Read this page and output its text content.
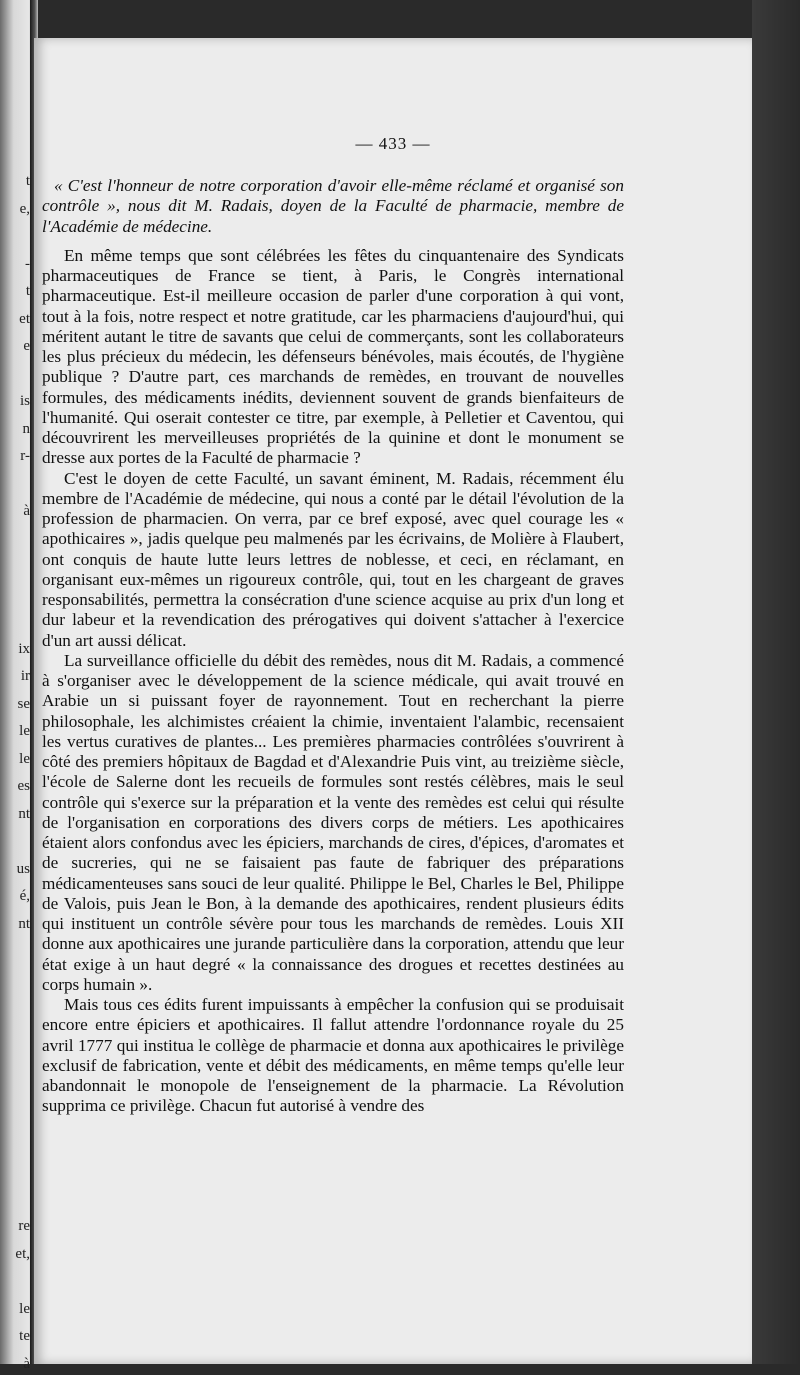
t
e,
-
t
et
e
is
n
r-
à
ix
ir
se
le
le
es
nt
us
é,
nt
re
et,
le
te
à
— 433 —

« C'est l'honneur de notre corporation d'avoir elle-même réclamé et organisé son contrôle », nous dit M. Radais, doyen de la Faculté de pharmacie, membre de l'Académie de médecine.

En même temps que sont célébrées les fêtes du cinquantenaire des Syndicats pharmaceutiques de France se tient, à Paris, le Congrès international pharmaceutique. Est-il meilleure occasion de parler d'une corporation à qui vont, tout à la fois, notre respect et notre gratitude, car les pharmaciens d'aujourd'hui, qui méritent autant le titre de savants que celui de commerçants, sont les collaborateurs les plus précieux du médecin, les défenseurs bénévoles, mais écoutés, de l'hygiène publique ? D'autre part, ces marchands de remèdes, en trouvant de nouvelles formules, des médicaments inédits, deviennent souvent de grands bienfaiteurs de l'humanité. Qui oserait contester ce titre, par exemple, à Pelletier et Caventou, qui découvrirent les merveilleuses propriétés de la quinine et dont le monument se dresse aux portes de la Faculté de pharmacie ?

C'est le doyen de cette Faculté, un savant éminent, M. Radais, récemment élu membre de l'Académie de médecine, qui nous a conté par le détail l'évolution de la profession de pharmacien. On verra, par ce bref exposé, avec quel courage les « apothicaires », jadis quelque peu malmenés par les écrivains, de Molière à Flaubert, ont conquis de haute lutte leurs lettres de noblesse, et ceci, en réclamant, en organisant eux-mêmes un rigoureux contrôle, qui, tout en les chargeant de graves responsabilités, permettra la consécration d'une science acquise au prix d'un long et dur labeur et la revendication des prérogatives qui doivent s'attacher à l'exercice d'un art aussi délicat.

La surveillance officielle du débit des remèdes, nous dit M. Radais, a commencé à s'organiser avec le développement de la science médicale, qui avait trouvé en Arabie un si puissant foyer de rayonnement. Tout en recherchant la pierre philosophale, les alchimistes créaient la chimie, inventaient l'alambic, recensaient les vertus curatives de plantes... Les premières pharmacies contrôlées s'ouvrirent à côté des premiers hôpitaux de Bagdad et d'Alexandrie Puis vint, au treizième siècle, l'école de Salerne dont les recueils de formules sont restés célèbres, mais le seul contrôle qui s'exerce sur la préparation et la vente des remèdes est celui qui résulte de l'organisation en corporations des divers corps de métiers. Les apothicaires étaient alors confondus avec les épiciers, marchands de cires, d'épices, d'aromates et de sucreries, qui ne se faisaient pas faute de fabriquer des préparations médicamenteuses sans souci de leur qualité. Philippe le Bel, Charles le Bel, Philippe de Valois, puis Jean le Bon, à la demande des apothicaires, rendent plusieurs édits qui instituent un contrôle sévère pour tous les marchands de remèdes. Louis XII donne aux apothicaires une jurande particulière dans la corporation, attendu que leur état exige à un haut degré « la connaissance des drogues et recettes destinées au corps humain ».

Mais tous ces édits furent impuissants à empêcher la confusion qui se produisait encore entre épiciers et apothicaires. Il fallut attendre l'ordonnance royale du 25 avril 1777 qui institua le collège de pharmacie et donna aux apothicaires le privilège exclusif de fabrication, vente et débit des médicaments, en même temps qu'elle leur abandonnait le monopole de l'enseignement de la pharmacie. La Révolution supprima ce privilège. Chacun fut autorisé à vendre des
